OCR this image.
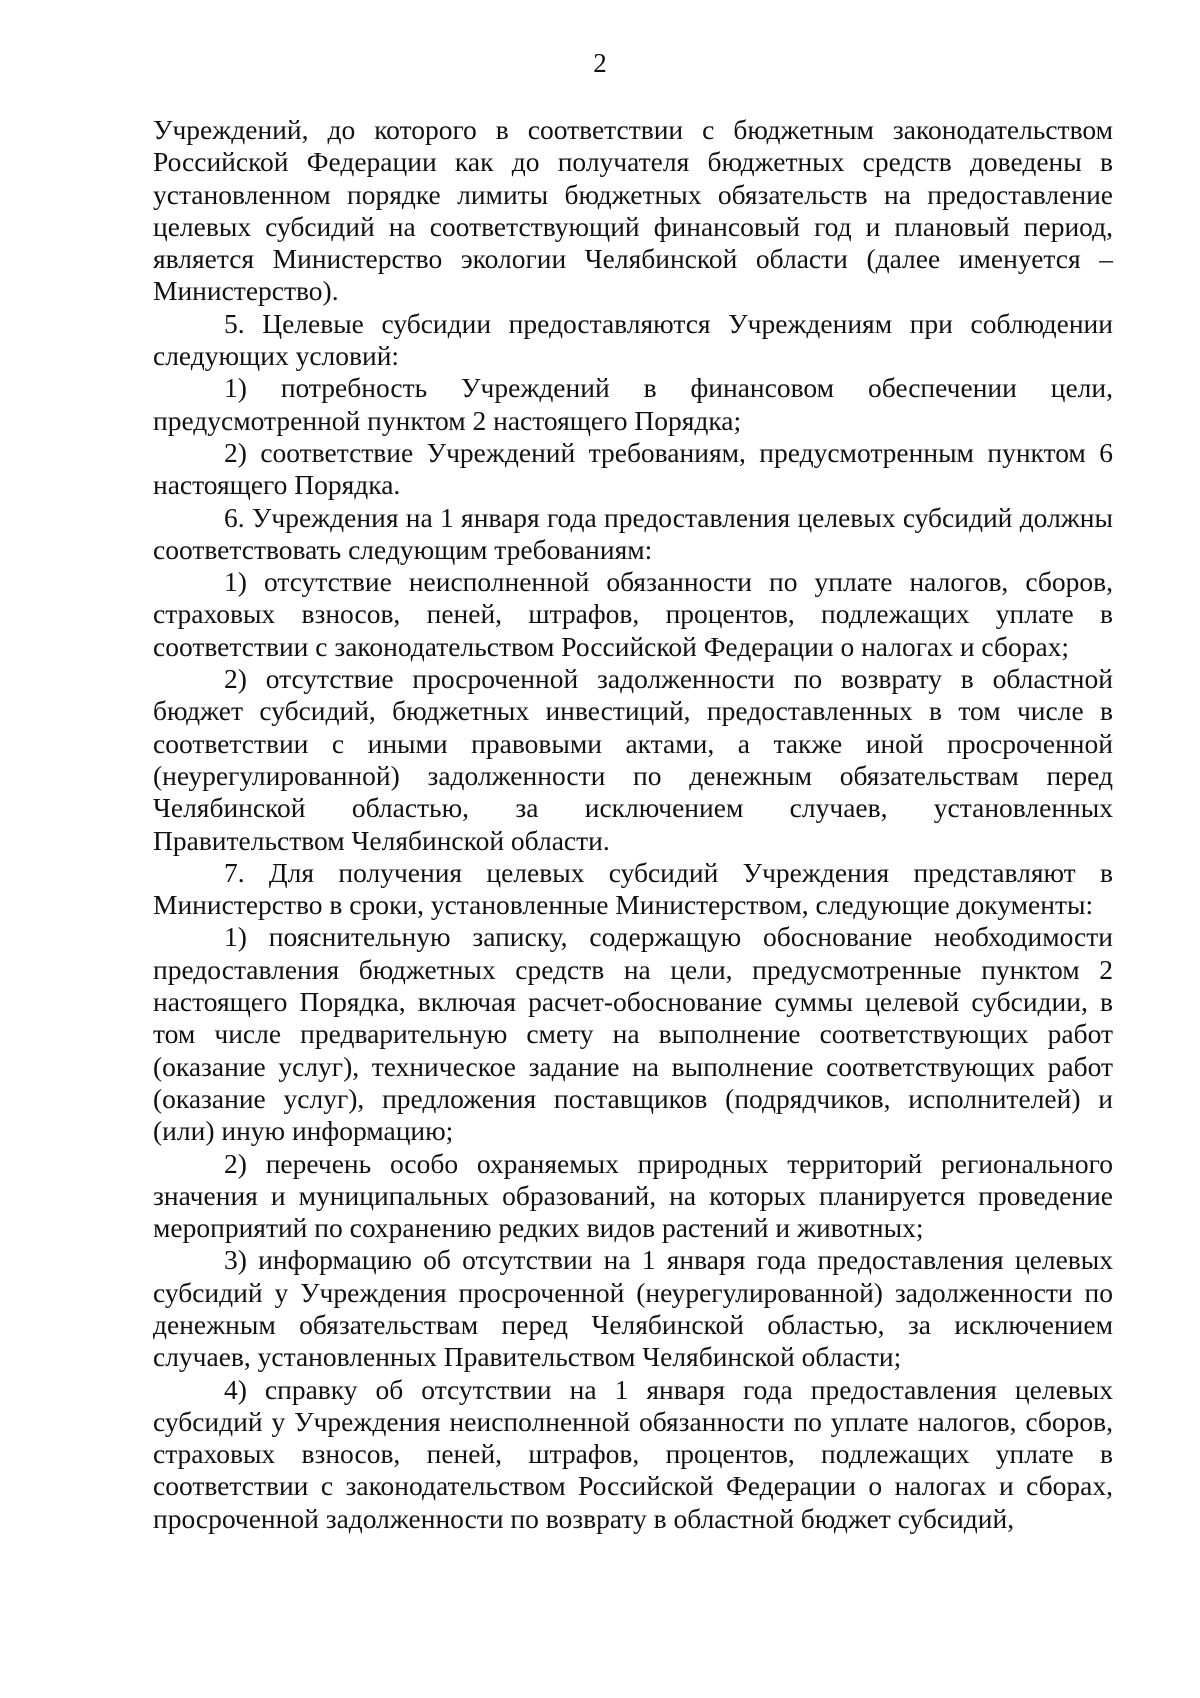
2

Учреждений, до которого в соответствии с бюджетным законодательством Российской Федерации как до получателя бюджетных средств доведены в установленном порядке лимиты бюджетных обязательств на предоставление целевых субсидий на соответствующий финансовый год и плановый период, является Министерство экологии Челябинской области (далее именуется – Министерство).

5. Целевые субсидии предоставляются Учреждениям при соблюдении следующих условий:

1) потребность Учреждений в финансовом обеспечении цели, предусмотренной пунктом 2 настоящего Порядка;

2) соответствие Учреждений требованиям, предусмотренным пунктом 6 настоящего Порядка.

6. Учреждения на 1 января года предоставления целевых субсидий должны соответствовать следующим требованиям:

1) отсутствие неисполненной обязанности по уплате налогов, сборов, страховых взносов, пеней, штрафов, процентов, подлежащих уплате в соответствии с законодательством Российской Федерации о налогах и сборах;

2) отсутствие просроченной задолженности по возврату в областной бюджет субсидий, бюджетных инвестиций, предоставленных в том числе в соответствии с иными правовыми актами, а также иной просроченной (неурегулированной) задолженности по денежным обязательствам перед Челябинской областью, за исключением случаев, установленных Правительством Челябинской области.

7. Для получения целевых субсидий Учреждения представляют в Министерство в сроки, установленные Министерством, следующие документы:

1) пояснительную записку, содержащую обоснование необходимости предоставления бюджетных средств на цели, предусмотренные пунктом 2 настоящего Порядка, включая расчет-обоснование суммы целевой субсидии, в том числе предварительную смету на выполнение соответствующих работ (оказание услуг), техническое задание на выполнение соответствующих работ (оказание услуг), предложения поставщиков (подрядчиков, исполнителей) и (или) иную информацию;

2) перечень особо охраняемых природных территорий регионального значения и муниципальных образований, на которых планируется проведение мероприятий по сохранению редких видов растений и животных;

3) информацию об отсутствии на 1 января года предоставления целевых субсидий у Учреждения просроченной (неурегулированной) задолженности по денежным обязательствам перед Челябинской областью, за исключением случаев, установленных Правительством Челябинской области;

4) справку об отсутствии на 1 января года предоставления целевых субсидий у Учреждения неисполненной обязанности по уплате налогов, сборов, страховых взносов, пеней, штрафов, процентов, подлежащих уплате в соответствии с законодательством Российской Федерации о налогах и сборах, просроченной задолженности по возврату в областной бюджет субсидий,
